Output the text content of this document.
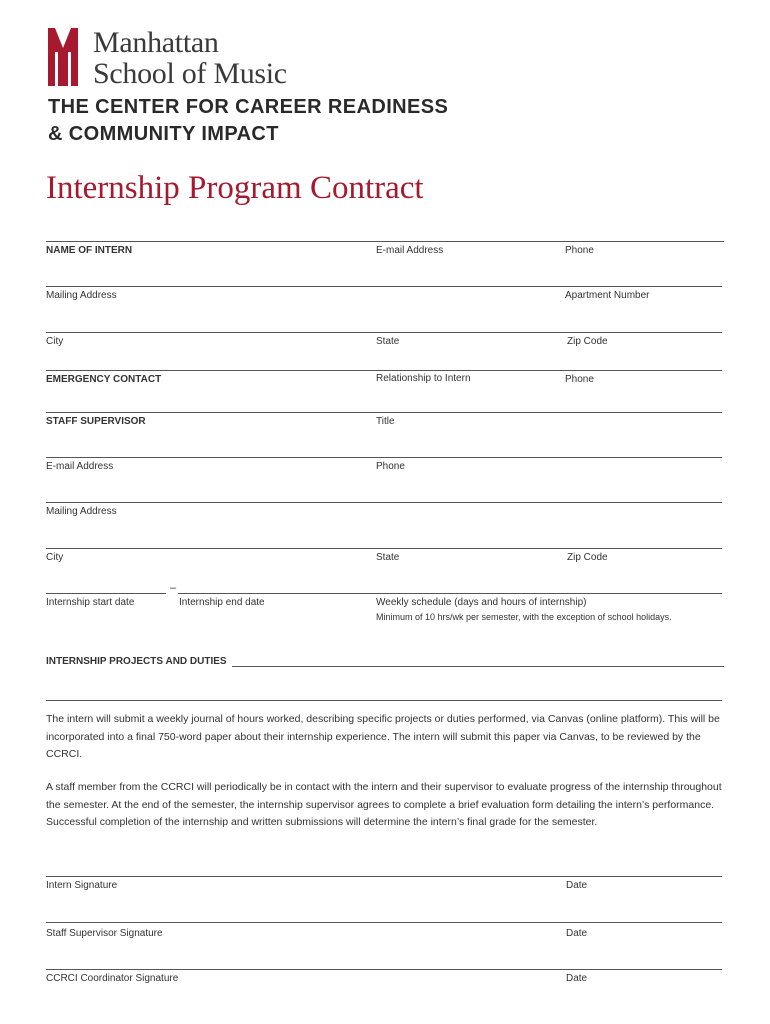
Manhattan
School of Music
THE CENTER FOR CAREER READINESS
& COMMUNITY IMPACT
Internship Program Contract
NAME OF INTERN	E-mail Address	Phone
Mailing Address	Apartment Number
City	State	Zip Code
EMERGENCY CONTACT	Relationship to Intern	Phone
STAFF SUPERVISOR	Title
E-mail Address	Phone
Mailing Address
City	State	Zip Code
–
Internship start date	Internship end date	Weekly schedule (days and hours of internship)
Minimum of 10 hrs/wk per semester, with the exception of school holidays.
INTERNSHIP PROJECTS AND DUTIES

The intern will submit a weekly journal of hours worked, describing specific projects or duties performed, via Canvas (online platform). This will be incorporated into a final 750-word paper about their internship experience. The intern will submit this paper via Canvas, to be reviewed by the CCRCI.

A staff member from the CCRCI will periodically be in contact with the intern and their supervisor to evaluate progress of the internship throughout the semester. At the end of the semester, the internship supervisor agrees to complete a brief evaluation form detailing the intern’s performance. Successful completion of the internship and written submissions will determine the intern’s final grade for the semester.

Intern Signature	Date
Staff Supervisor Signature	Date
CCRCI Coordinator Signature	Date
